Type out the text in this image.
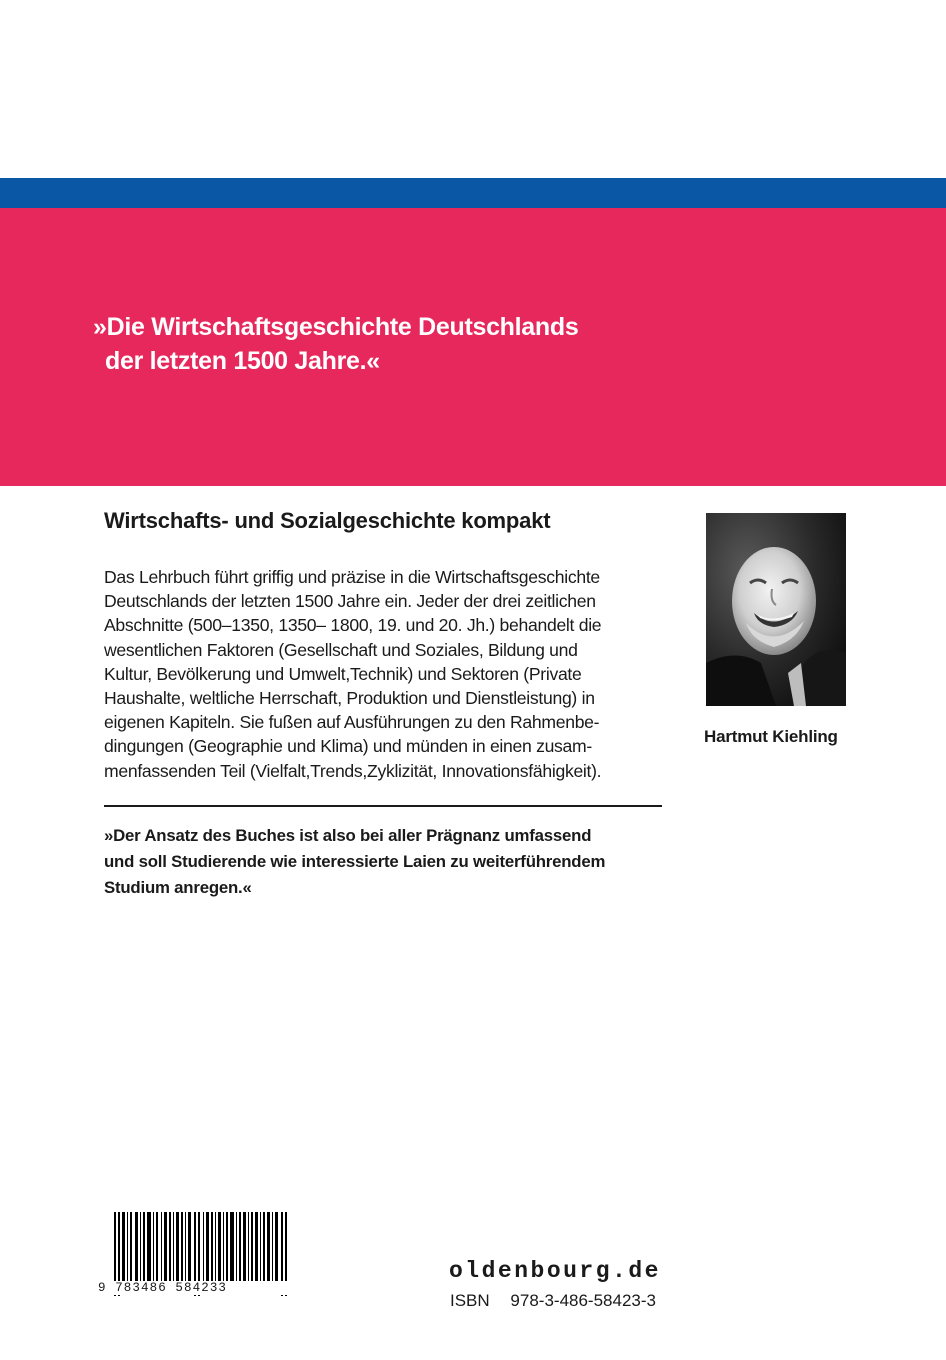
»Die Wirtschaftsgeschichte Deutschlands
der letzten 1500 Jahre.«
Wirtschafts- und Sozialgeschichte kompakt
Das Lehrbuch führt griffig und präzise in die Wirtschaftsgeschichte
Deutschlands der letzten 1500 Jahre ein. Jeder der drei zeitlichen
Abschnitte (500–1350, 1350– 1800, 19. und 20. Jh.) behandelt die
wesentlichen Faktoren (Gesellschaft und Soziales, Bildung und
Kultur, Bevölkerung und Umwelt,Technik) und Sektoren (Private
Haushalte, weltliche Herrschaft, Produktion und Dienstleistung) in
eigenen Kapiteln. Sie fußen auf Ausführungen zu den Rahmenbe-
dingungen (Geographie und Klima) und münden in einen zusam-
menfassenden Teil (Vielfalt,Trends,Zyklizität, Innovationsfähigkeit).
»Der Ansatz des Buches ist also bei aller Prägnanz umfassend
und soll Studierende wie interessierte Laien zu weiterführendem
Studium anregen.«
Hartmut Kiehling
9 783486 584233
oldenbourg.de
ISBN 978-3-486-58423-3
